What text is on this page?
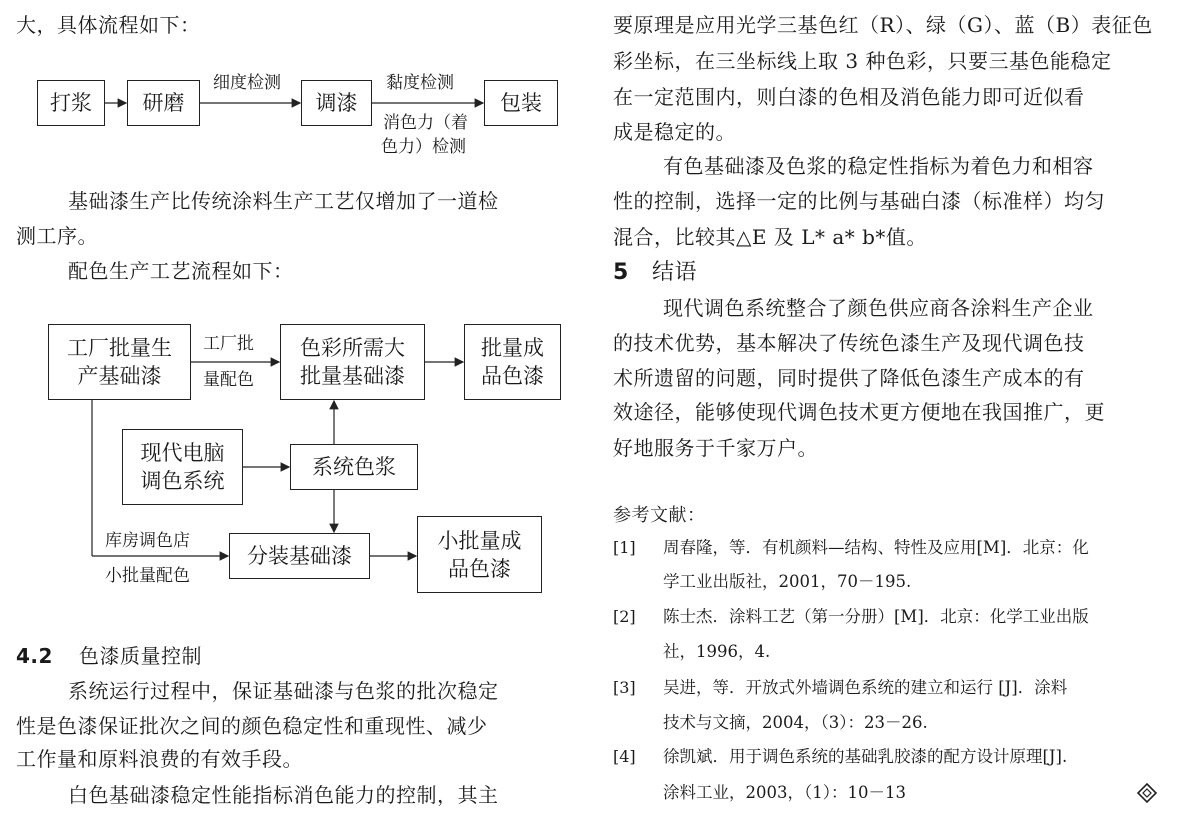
大，具体流程如下：
打浆 研磨
细度检测
调漆
黏度检测
消色力（着
色力）检测
包装
基础漆生产比传统涂料生产工艺仅增加了一道检
测工序。
配色生产工艺流程如下：
工厂批量生
产基础漆
工厂批
量配色
色彩所需大
批量基础漆
批量成
品色漆
现代电脑
调色系统
系统色浆
库房调色店
小批量配色
分装基础漆
小批量成
品色漆
4.2 色漆质量控制
系统运行过程中，保证基础漆与色浆的批次稳定
性是色漆保证批次之间的颜色稳定性和重现性、减少
工作量和原料浪费的有效手段。
白色基础漆稳定性能指标消色能力的控制，其主
要原理是应用光学三基色红（R）、绿（G）、蓝（B）表征色
彩坐标，在三坐标线上取 3 种色彩，只要三基色能稳定
在一定范围内，则白漆的色相及消色能力即可近似看
成是稳定的。
有色基础漆及色浆的稳定性指标为着色力和相容
性的控制，选择一定的比例与基础白漆（标准样）均匀
混合，比较其△E 及 L* a* b*值。
5 结语
现代调色系统整合了颜色供应商各涂料生产企业
的技术优势，基本解决了传统色漆生产及现代调色技
术所遗留的问题，同时提供了降低色漆生产成本的有
效途径，能够使现代调色技术更方便地在我国推广，更
好地服务于千家万户。
参考文献：
[1] 周春隆，等．有机颜料—结构、特性及应用[M]．北京：化
学工业出版社，2001，70－195.
[2] 陈士杰．涂料工艺（第一分册）[M]．北京：化学工业出版
社，1996，4.
[3] 吴进，等．开放式外墙调色系统的建立和运行 [J]．涂料
技术与文摘，2004，（3）：23－26.
[4] 徐凯斌．用于调色系统的基础乳胶漆的配方设计原理[J].
涂料工业，2003，（1）：10－13
